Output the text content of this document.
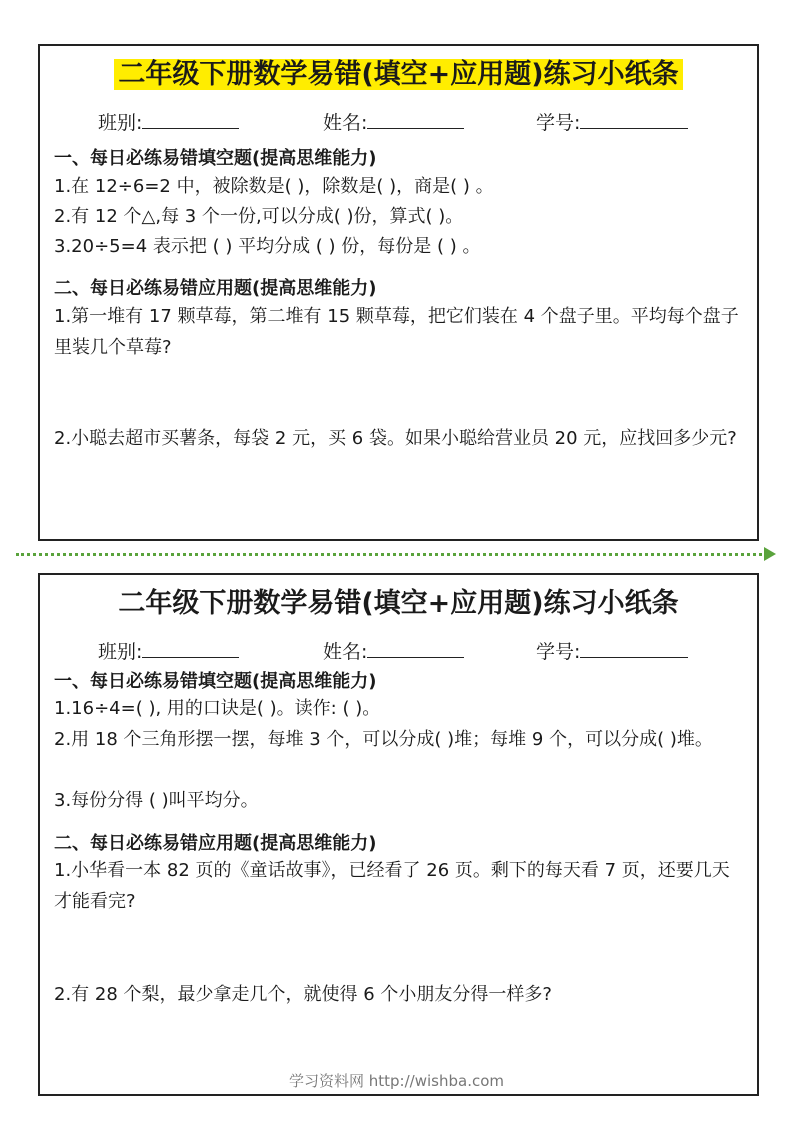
二年级下册数学易错(填空+应用题)练习小纸条
班别:	姓名:	学号:
一、每日必练易错填空题(提高思维能力)
1.在 12÷6=2 中，被除数是( )，除数是( )，商是( ) 。
2.有 12 个△,每 3 个一份,可以分成( )份，算式( )。
3.20÷5=4 表示把 ( ) 平均分成 ( ) 份，每份是 ( ) 。
二、每日必练易错应用题(提高思维能力)
1.第一堆有 17 颗草莓，第二堆有 15 颗草莓，把它们装在 4 个盘子里。平均每个盘子里装几个草莓?
2.小聪去超市买薯条，每袋 2 元，买 6 袋。如果小聪给营业员 20 元，应找回多少元?
二年级下册数学易错(填空+应用题)练习小纸条
班别:	姓名:	学号:
一、每日必练易错填空题(提高思维能力)
1.16÷4=( ), 用的口诀是( )。读作: ( )。
2.用 18 个三角形摆一摆，每堆 3 个，可以分成( )堆；每堆 9 个，可以分成( )堆。
3.每份分得 ( )叫平均分。
二、每日必练易错应用题(提高思维能力)
1.小华看一本 82 页的《童话故事》，已经看了 26 页。剩下的每天看 7 页，还要几天才能看完?
2.有 28 个梨，最少拿走几个，就使得 6 个小朋友分得一样多?
学习资料网 http://wishba.com
